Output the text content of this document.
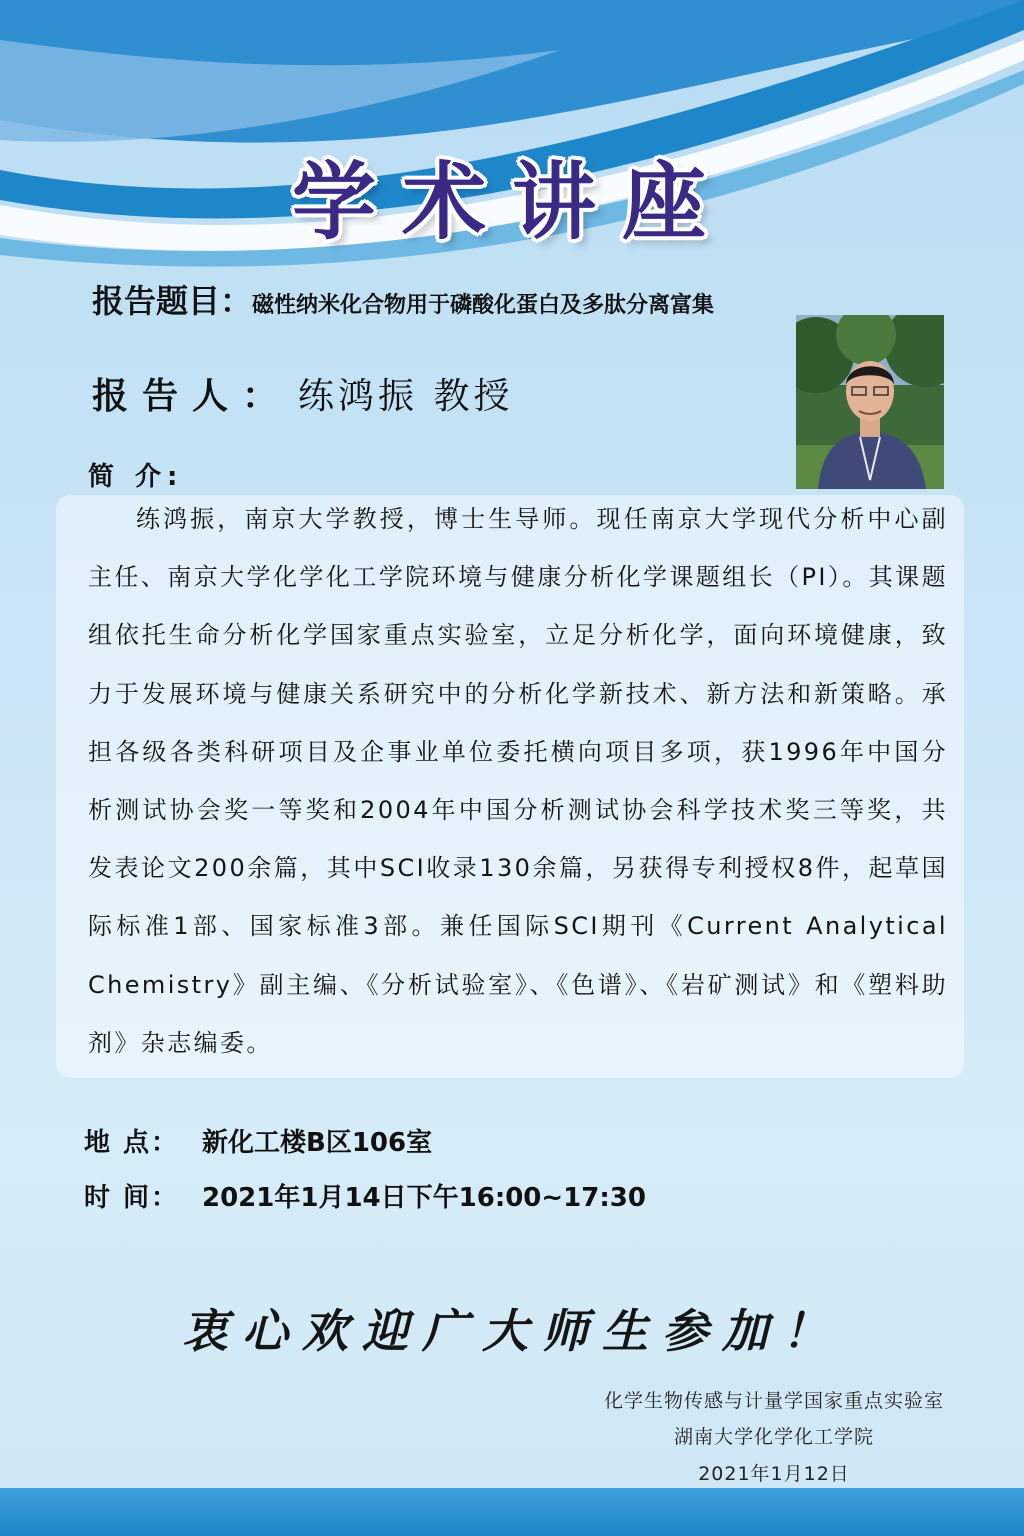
学术讲座
报告题目：磁性纳米化合物用于磷酸化蛋白及多肽分离富集
报告人： 练鸿振 教授
简 介:
练鸿振，南京大学教授，博士生导师。现任南京大学现代分析中心副主任、南京大学化学化工学院环境与健康分析化学课题组长（PI）。其课题组依托生命分析化学国家重点实验室，立足分析化学，面向环境健康，致力于发展环境与健康关系研究中的分析化学新技术、新方法和新策略。承担各级各类科研项目及企事业单位委托横向项目多项，获1996年中国分析测试协会奖一等奖和2004年中国分析测试协会科学技术奖三等奖，共发表论文200余篇，其中SCI收录130余篇，另获得专利授权8件，起草国际标准1部、国家标准3部。兼任国际SCI期刊《Current Analytical Chemistry》副主编、《分析试验室》、《色谱》、《岩矿测试》和《塑料助剂》杂志编委。
地 点： 新化工楼B区106室
时 间： 2021年1月14日下午16:00~17:30
衷心欢迎广大师生参加！
化学生物传感与计量学国家重点实验室
湖南大学化学化工学院
2021年1月12日
